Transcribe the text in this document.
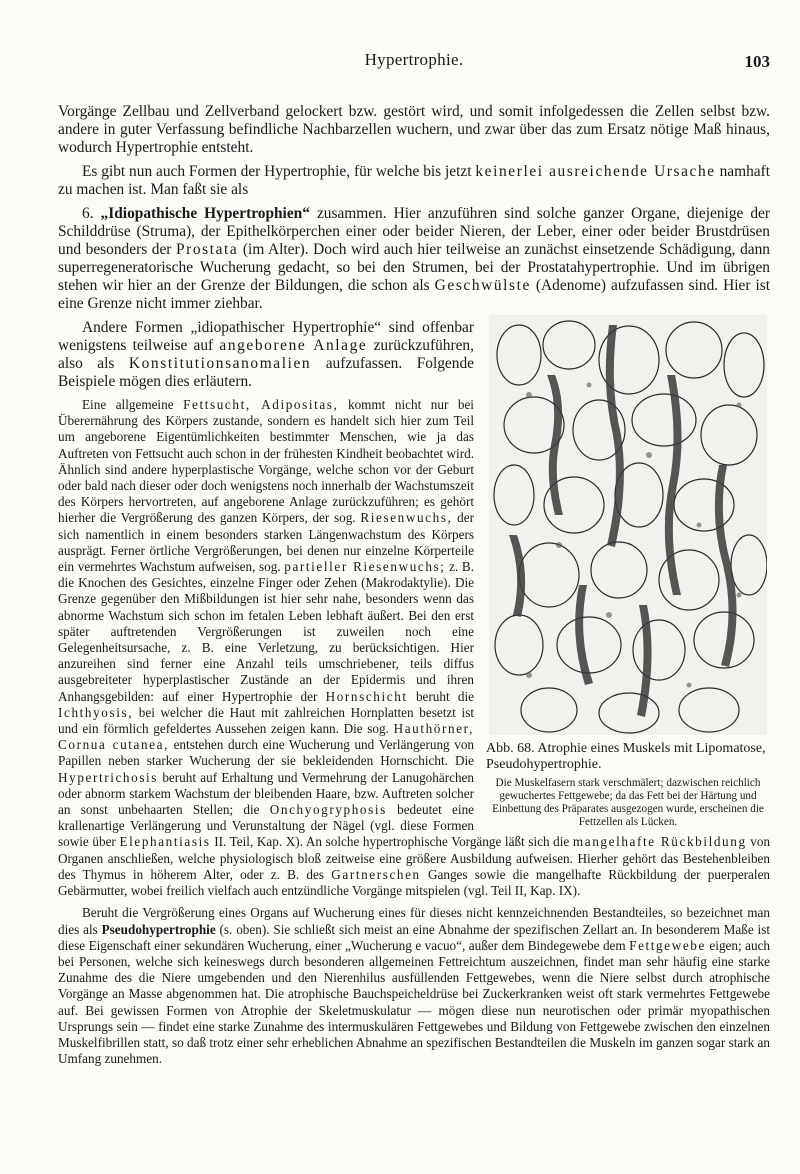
Hypertrophie.	103

Vorgänge Zellbau und Zellverband gelockert bzw. gestört wird, und somit infolgedessen die Zellen selbst bzw. andere in guter Verfassung befindliche Nachbarzellen wuchern, und zwar über das zum Ersatz nötige Maß hinaus, wodurch Hypertrophie entsteht.

Es gibt nun auch Formen der Hypertrophie, für welche bis jetzt keinerlei ausreichende Ursache namhaft zu machen ist. Man faßt sie als

6. „Idiopathische Hypertrophien“ zusammen. Hier anzuführen sind solche ganzer Organe, diejenige der Schilddrüse (Struma), der Epithelkörperchen einer oder beider Nieren, der Leber, einer oder beider Brustdrüsen und besonders der Prostata (im Alter). Doch wird auch hier teilweise an zunächst einsetzende Schädigung, dann superregeneratorische Wucherung gedacht, so bei den Strumen, bei der Prostatahypertrophie. Und im übrigen stehen wir hier an der Grenze der Bildungen, die schon als Geschwülste (Adenome) aufzufassen sind. Hier ist eine Grenze nicht immer ziehbar.

Abb. 68. Atrophie eines Muskels mit Lipomatose, Pseudohypertrophie.
Die Muskelfasern stark verschmälert; dazwischen reichlich gewuchertes Fettgewebe; da das Fett bei der Härtung und Einbettung des Präparates ausgezogen wurde, erscheinen die Fettzellen als Lücken.

Andere Formen „idiopathischer Hypertrophie“ sind offenbar wenigstens teilweise auf angeborene Anlage zurückzuführen, also als Konstitutionsanomalien aufzufassen. Folgende Beispiele mögen dies erläutern.

Eine allgemeine Fettsucht, Adipositas, kommt nicht nur bei Überernährung des Körpers zustande, sondern es handelt sich hier zum Teil um angeborene Eigentümlichkeiten bestimmter Menschen, wie ja das Auftreten von Fettsucht auch schon in der frühesten Kindheit beobachtet wird. Ähnlich sind andere hyperplastische Vorgänge, welche schon vor der Geburt oder bald nach dieser oder doch wenigstens noch innerhalb der Wachstumszeit des Körpers hervortreten, auf angeborene Anlage zurückzuführen; es gehört hierher die Vergrößerung des ganzen Körpers, der sog. Riesenwuchs, der sich namentlich in einem besonders starken Längenwachstum des Körpers ausprägt. Ferner örtliche Vergrößerungen, bei denen nur einzelne Körperteile ein vermehrtes Wachstum aufweisen, sog. partieller Riesenwuchs; z. B. die Knochen des Gesichtes, einzelne Finger oder Zehen (Makrodaktylie). Die Grenze gegenüber den Mißbildungen ist hier sehr nahe, besonders wenn das abnorme Wachstum sich schon im fetalen Leben lebhaft äußert. Bei den erst später auftretenden Vergrößerungen ist zuweilen noch eine Gelegenheitsursache, z. B. eine Verletzung, zu berücksichtigen. Hier anzureihen sind ferner eine Anzahl teils umschriebener, teils diffus ausgebreiteter hyperplastischer Zustände an der Epidermis und ihren Anhangsgebilden: auf einer Hypertrophie der Hornschicht beruht die Ichthyosis, bei welcher die Haut mit zahlreichen Hornplatten besetzt ist und ein förmlich gefeldertes Aussehen zeigen kann. Die sog. Hauthörner, Cornua cutanea, entstehen durch eine Wucherung und Verlängerung von Papillen neben starker Wucherung der sie bekleidenden Hornschicht. Die Hypertrichosis beruht auf Erhaltung und Vermehrung der Lanugohärchen oder abnorm starkem Wachstum der bleibenden Haare, bzw. Auftreten solcher an sonst unbehaarten Stellen; die Onchyogryphosis bedeutet eine krallenartige Verlängerung und Verunstaltung der Nägel (vgl. diese Formen sowie über Elephantiasis II. Teil, Kap. X). An solche hypertrophische Vorgänge läßt sich die mangelhafte Rückbildung von Organen anschließen, welche physiologisch bloß zeitweise eine größere Ausbildung aufweisen. Hierher gehört das Bestehenbleiben des Thymus in höherem Alter, oder z. B. des Gartnerschen Ganges sowie die mangelhafte Rückbildung der puerperalen Gebärmutter, wobei freilich vielfach auch entzündliche Vorgänge mitspielen (vgl. Teil II, Kap. IX).

Beruht die Vergrößerung eines Organs auf Wucherung eines für dieses nicht kennzeichnenden Bestandteiles, so bezeichnet man dies als Pseudohypertrophie (s. oben). Sie schließt sich meist an eine Abnahme der spezifischen Zellart an. In besonderem Maße ist diese Eigenschaft einer sekundären Wucherung, einer „Wucherung e vacuo“, außer dem Bindegewebe dem Fettgewebe eigen; auch bei Personen, welche sich keineswegs durch besonderen allgemeinen Fettreichtum auszeichnen, findet man sehr häufig eine starke Zunahme des die Niere umgebenden und den Nierenhilus ausfüllenden Fettgewebes, wenn die Niere selbst durch atrophische Vorgänge an Masse abgenommen hat. Die atrophische Bauchspeicheldrüse bei Zuckerkranken weist oft stark vermehrtes Fettgewebe auf. Bei gewissen Formen von Atrophie der Skeletmuskulatur — mögen diese nun neurotischen oder primär myopathischen Ursprungs sein — findet eine starke Zunahme des intermuskulären Fettgewebes und Bildung von Fettgewebe zwischen den einzelnen Muskelfibrillen statt, so daß trotz einer sehr erheblichen Abnahme an spezifischen Bestandteilen die Muskeln im ganzen sogar stark an Umfang zunehmen.
